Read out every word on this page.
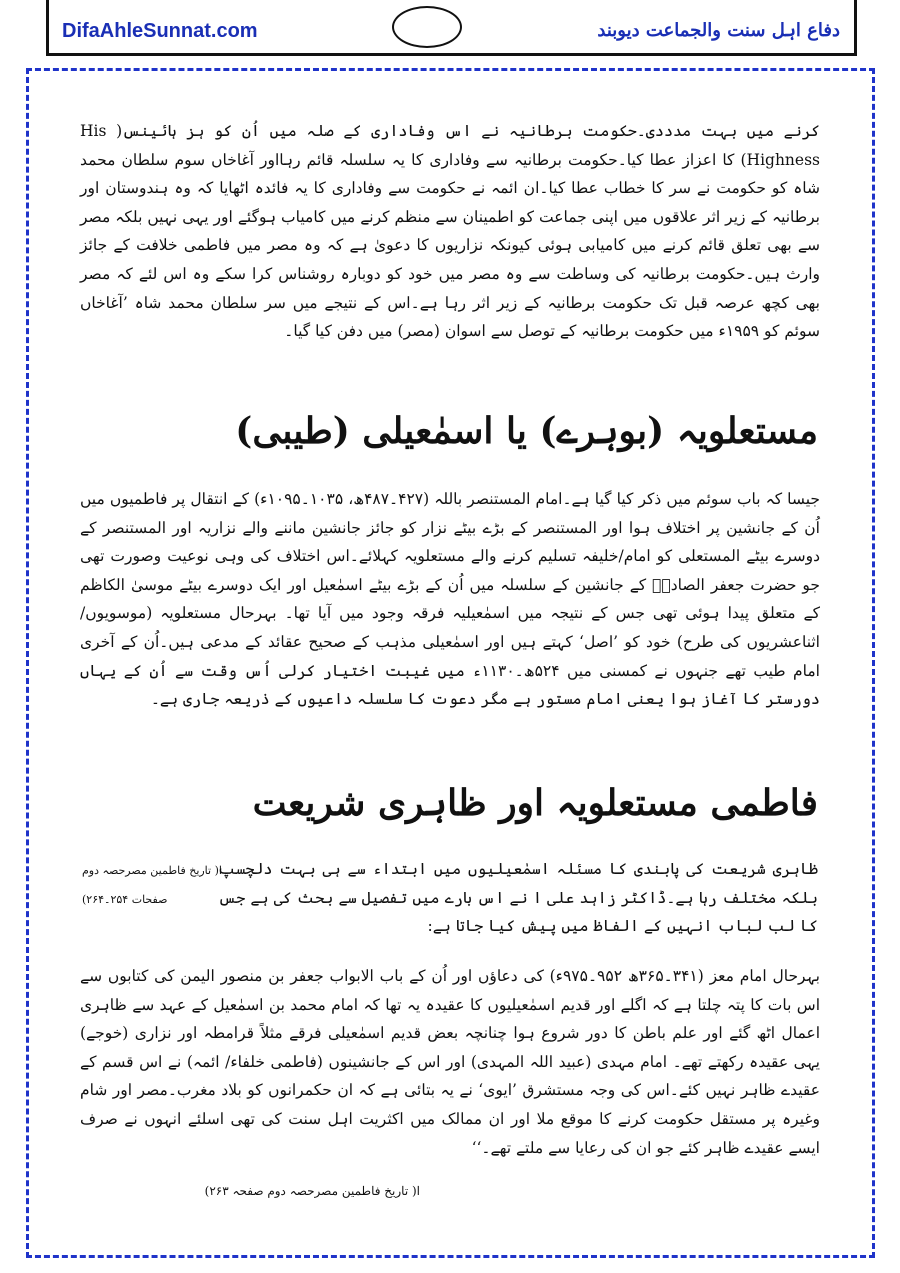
DifaAhleSunnat.com	دفاع اہل سنت والجماعت دیوبند

کرنے میں بہت مدددی۔حکومت برطانیہ نے اس وفاداری کے صلہ میں اُن کو ہز ہائینس( His Highness) کا اعزاز عطا کیا۔حکومت برطانیہ سے وفاداری کا یہ سلسلہ قائم رہااور آغاخاں سوم سلطان محمد شاہ کو حکومت نے سر کا خطاب عطا کیا۔ان ائمہ نے حکومت سے وفاداری کا یہ فائدہ اٹھایا کہ وہ ہندوستان اور برطانیہ کے زیر اثر علاقوں میں اپنی جماعت کو اطمینان سے منظم کرنے میں کامیاب ہوگئے اور یہی نہیں بلکہ مصر سے بھی تعلق قائم کرنے میں کامیابی ہوئی کیونکہ نزاریوں کا دعویٰ ہے کہ وہ مصر میں فاطمی خلافت کے جائز وارث ہیں۔حکومت برطانیہ کی وساطت سے وہ مصر میں خود کو دوبارہ روشناس کرا سکے وہ اس لئے کہ مصر بھی کچھ عرصہ قبل تک حکومت برطانیہ کے زیر اثر رہا ہے۔اس کے نتیجے میں سر سلطان محمد شاہ ’آغاخاں سوئم کو ۱۹۵۹ء میں حکومت برطانیہ کے توصل سے اسوان (مصر) میں دفن کیا گیا۔

مستعلویہ (بوہرے) یا اسمٰعیلی (طیبی)

جیسا کہ باب سوئم میں ذکر کیا گیا ہے۔امام المستنصر باللہ (۴۲۷۔۴۸۷ھ، ۱۰۳۵۔۱۰۹۵ء) کے انتقال پر فاطمیوں میں اُن کے جانشین پر اختلاف ہوا اور المستنصر کے بڑے بیٹے نزار کو جائز جانشین ماننے والے نزاریہ اور المستنصر کے دوسرے بیٹے المستعلی کو امام/خلیفہ تسلیم کرنے والے مستعلویہ کہلائے۔اس اختلاف کی وہی نوعیت وصورت تھی جو حضرت جعفر الصادقؒ کے جانشین کے سلسلہ میں اُن کے بڑے بیٹے اسمٰعیل اور ایک دوسرے بیٹے موسیٰ الکاظم کے متعلق پیدا ہوئی تھی جس کے نتیجہ میں اسمٰعیلیہ فرقہ وجود میں آیا تھا۔ بہرحال مستعلویہ (موسویوں/اثناعشریوں کی طرح) خود کو ’اصل‘ کہتے ہیں اور اسمٰعیلی مذہب کے صحیح عقائد کے مدعی ہیں۔اُن کے آخری امام طیب تھے جنہوں نے کمسنی میں ۵۲۴ھ۔۱۱۳۰ء میں غیبت اختیار کرلی اُس وقت سے اُن کے یہاں دورستر کا آغاز ہوا یعنی امام مستور ہے مگر دعوت کا سلسلہ داعیوں کے ذریعہ جاری ہے۔

فاطمی مستعلویہ اور ظاہری شریعت

ظاہری شریعت کی پابندی کا مسئلہ اسمٰعیلیوں میں ابتداء سے ہی بہت دلچسپ بلکہ مختلف رہا ہے۔ڈاکٹر زاہد علی ا نے اس بارے میں تفصیل سے بحث کی ہے جس کا لب لباب انہیں کے الفاظ میں پیش کیا جاتا ہے:

ا( تاریخ فاطمین مصرحصہ دوم
صفحات ۲۵۴۔۲۶۴)

بہرحال امام معز (۳۴۱۔۳۶۵ھ ۹۵۲۔۹۷۵ء) کی دعاؤں اور اُن کے باب الابواب جعفر بن منصور الیمن کی کتابوں سے اس بات کا پتہ چلتا ہے کہ اگلے اور قدیم اسمٰعیلیوں کا عقیدہ یہ تھا کہ امام محمد بن اسمٰعیل کے عہد سے ظاہری اعمال اٹھ گئے اور علم باطن کا دور شروع ہوا چنانچہ بعض قدیم اسمٰعیلی فرقے مثلاً قرامطہ اور نزاری (خوجے) یہی عقیدہ رکھتے تھے۔ امام مہدی (عبید اللہ المہدی) اور اس کے جانشینوں (فاطمی خلفاء/ ائمہ) نے اس قسم کے عقیدے ظاہر نہیں کئے۔اس کی وجہ مستشرق ’ایوی‘ نے یہ بتائی ہے کہ ان حکمرانوں کو بلاد مغرب۔مصر اور شام وغیرہ پر مستقل حکومت کرنے کا موقع ملا اور ان ممالک میں اکثریت اہل سنت کی تھی اسلئے انہوں نے صرف ایسے عقیدے ظاہر کئے جو ان کی رعایا سے ملتے تھے۔‘‘

ا( تاریخ فاطمین مصرحصہ دوم صفحہ ۲۶۳)
